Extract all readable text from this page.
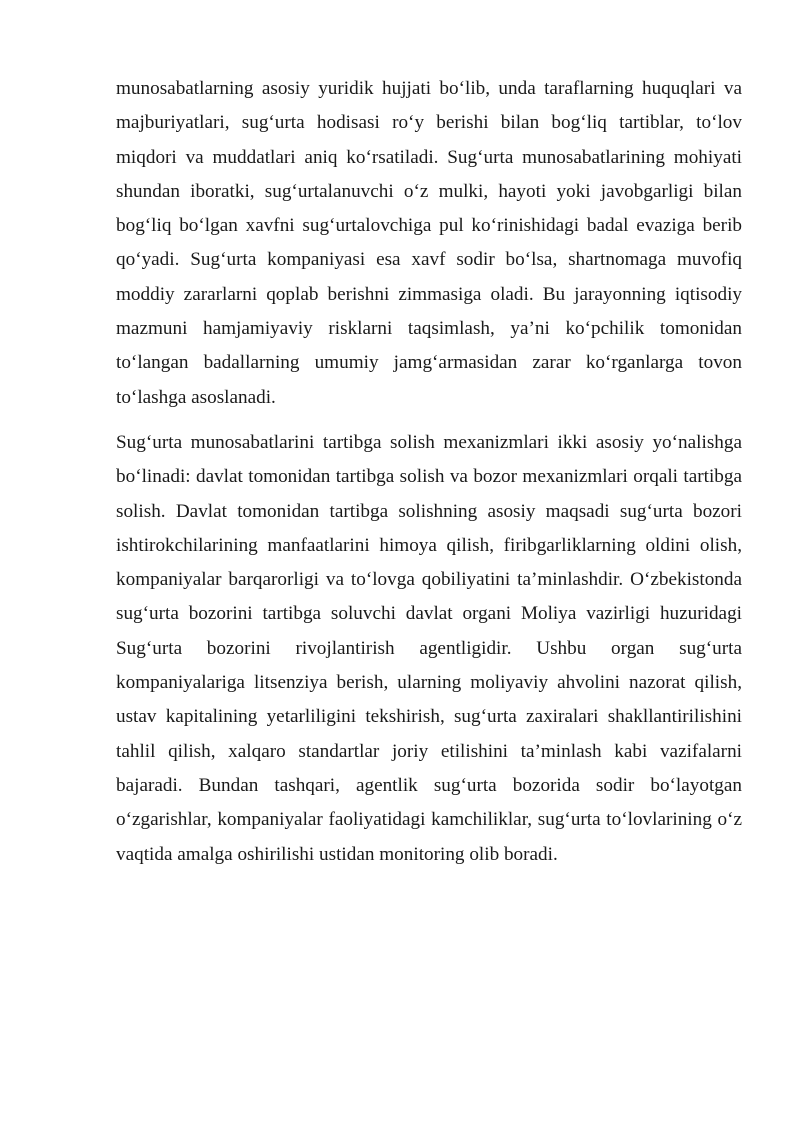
munosabatlarning asosiy yuridik hujjati bo‘lib, unda taraflarning huquqlari va majburiyatlari, sug‘urta hodisasi ro‘y berishi bilan bog‘liq tartiblar, to‘lov miqdori va muddatlari aniq ko‘rsatiladi. Sug‘urta munosabatlarining mohiyati shundan iboratki, sug‘urtalanuvchi o‘z mulki, hayoti yoki javobgarligi bilan bog‘liq bo‘lgan xavfni sug‘urtalovchiga pul ko‘rinishidagi badal evaziga berib qo‘yadi. Sug‘urta kompaniyasi esa xavf sodir bo‘lsa, shartnomaga muvofiq moddiy zararlarni qoplab berishni zimmasiga oladi. Bu jarayonning iqtisodiy mazmuni hamjamiyaviy risklarni taqsimlash, ya’ni ko‘pchilik tomonidan to‘langan badallarning umumiy jamg‘armasidan zarar ko‘rganlarga tovon to‘lashga asoslanadi.

Sug‘urta munosabatlarini tartibga solish mexanizmlari ikki asosiy yo‘nalishga bo‘linadi: davlat tomonidan tartibga solish va bozor mexanizmlari orqali tartibga solish. Davlat tomonidan tartibga solishning asosiy maqsadi sug‘urta bozori ishtirokchilarining manfaatlarini himoya qilish, firibgarliklarning oldini olish, kompaniyalar barqarorligi va to‘lovga qobiliyatini ta’minlashdir. O‘zbekistonda sug‘urta bozorini tartibga soluvchi davlat organi Moliya vazirligi huzuridagi Sug‘urta bozorini rivojlantirish agentligidir. Ushbu organ sug‘urta kompaniyalariga litsenziya berish, ularning moliyaviy ahvolini nazorat qilish, ustav kapitalining yetarliligini tekshirish, sug‘urta zaxiralari shakllantirilishini tahlil qilish, xalqaro standartlar joriy etilishini ta’minlash kabi vazifalarni bajaradi. Bundan tashqari, agentlik sug‘urta bozorida sodir bo‘layotgan o‘zgarishlar, kompaniyalar faoliyatidagi kamchiliklar, sug‘urta to‘lovlarining o‘z vaqtida amalga oshirilishi ustidan monitoring olib boradi.
